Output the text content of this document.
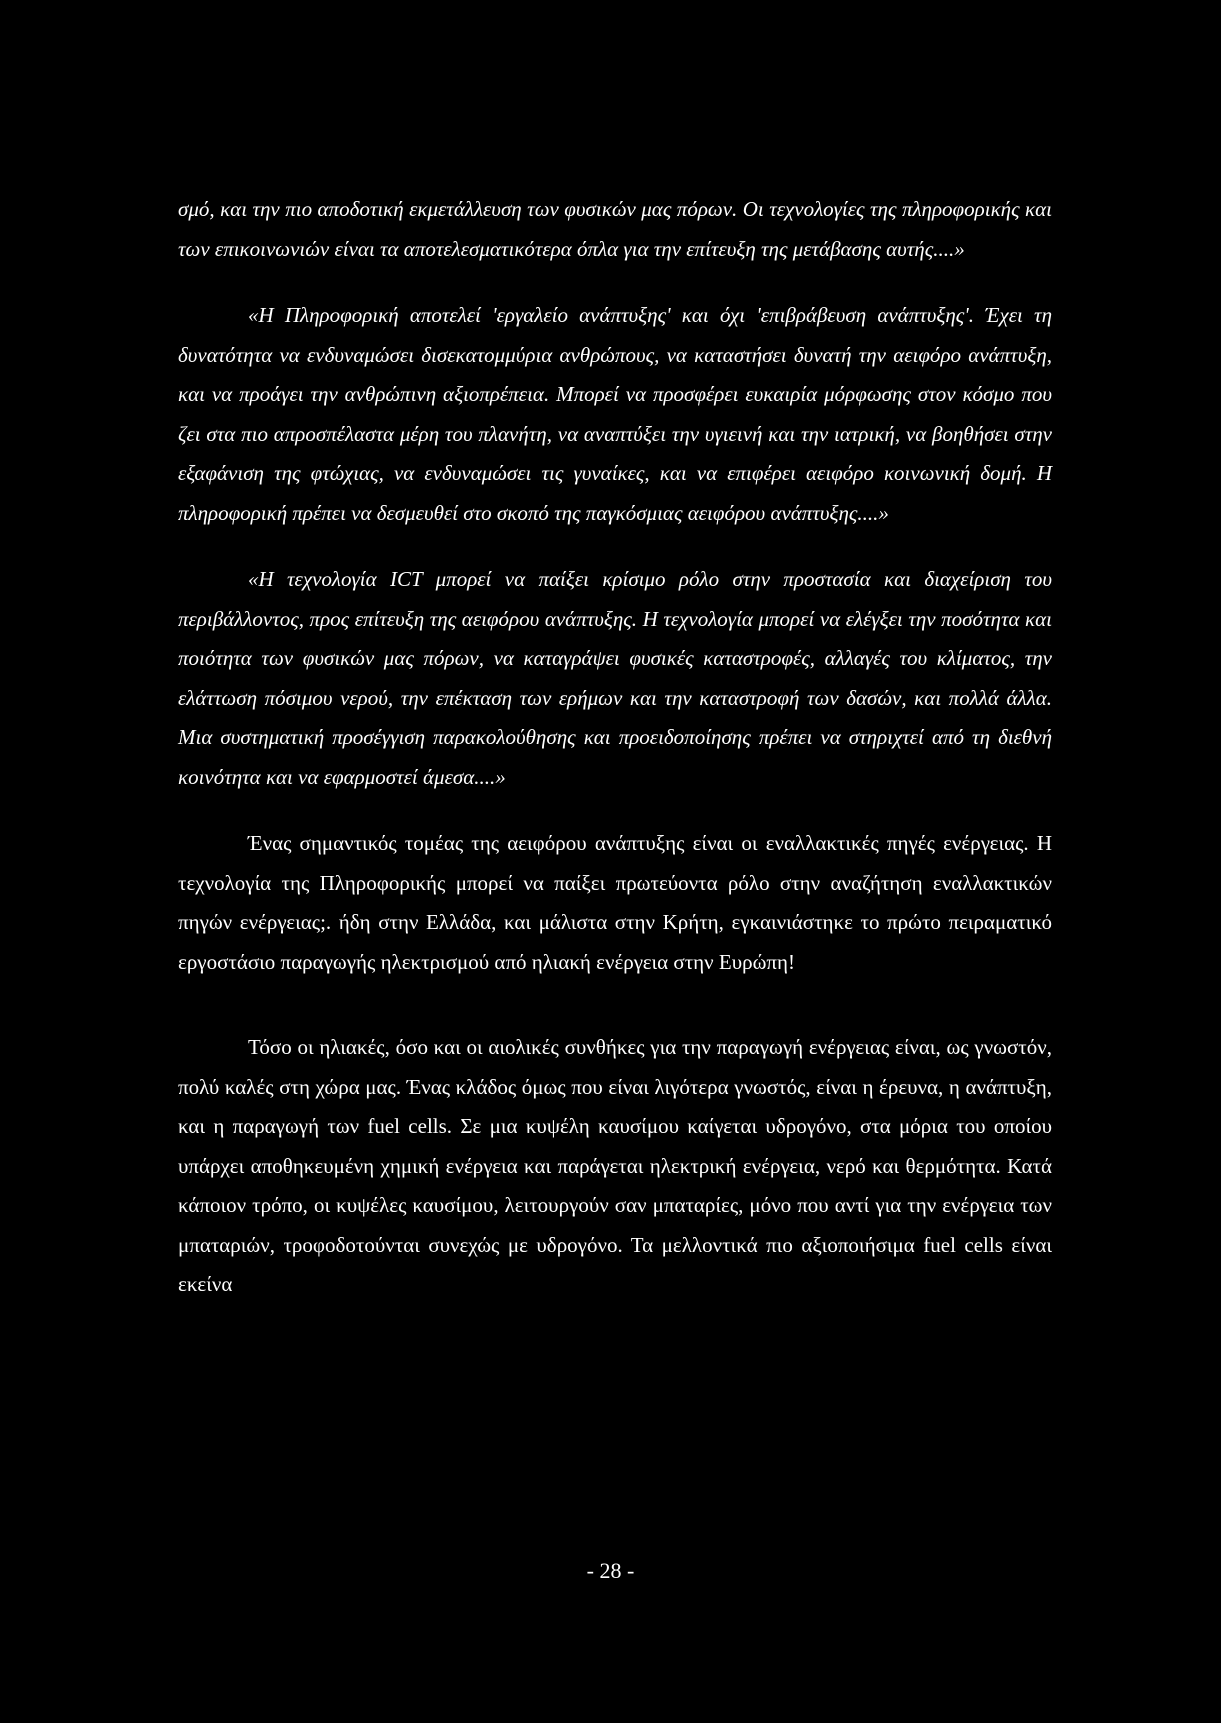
σμό, και την πιο αποδοτική εκμετάλλευση των φυσικών μας πόρων. Οι τεχνολογίες της πληροφορικής και των επικοινωνιών είναι τα αποτελεσματικότερα όπλα για την επίτευξη της μετάβασης αυτής....»

«Η Πληροφορική αποτελεί 'εργαλείο ανάπτυξης' και όχι 'επιβράβευση ανάπτυξης'. Έχει τη δυνατότητα να ενδυναμώσει δισεκατομμύρια ανθρώπους, να καταστήσει δυνατή την αειφόρο ανάπτυξη, και να προάγει την ανθρώπινη αξιοπρέπεια. Μπορεί να προσφέρει ευκαιρία μόρφωσης στον κόσμο που ζει στα πιο απροσπέλαστα μέρη του πλανήτη, να αναπτύξει την υγιεινή και την ιατρική, να βοηθήσει στην εξαφάνιση της φτώχιας, να ενδυναμώσει τις γυναίκες, και να επιφέρει αειφόρο κοινωνική δομή. Η πληροφορική πρέπει να δεσμευθεί στο σκοπό της παγκόσμιας αειφόρου ανάπτυξης....»

«Η τεχνολογία ICT μπορεί να παίξει κρίσιμο ρόλο στην προστασία και διαχείριση του περιβάλλοντος, προς επίτευξη της αειφόρου ανάπτυξης. Η τεχνολογία μπορεί να ελέγξει την ποσότητα και ποιότητα των φυσικών μας πόρων, να καταγράψει φυσικές καταστροφές, αλλαγές του κλίματος, την ελάττωση πόσιμου νερού, την επέκταση των ερήμων και την καταστροφή των δασών, και πολλά άλλα. Μια συστηματική προσέγγιση παρακολούθησης και προειδοποίησης πρέπει να στηριχτεί από τη διεθνή κοινότητα και να εφαρμοστεί άμεσα....»

Ένας σημαντικός τομέας της αειφόρου ανάπτυξης είναι οι εναλλακτικές πηγές ενέργειας. Η τεχνολογία της Πληροφορικής μπορεί να παίξει πρωτεύοντα ρόλο στην αναζήτηση εναλλακτικών πηγών ενέργειας;. ήδη στην Ελλάδα, και μάλιστα στην Κρήτη, εγκαινιάστηκε το πρώτο πειραματικό εργοστάσιο παραγωγής ηλεκτρισμού από ηλιακή ενέργεια στην Ευρώπη!

Τόσο οι ηλιακές, όσο και οι αιολικές συνθήκες για την παραγωγή ενέργειας είναι, ως γνωστόν, πολύ καλές στη χώρα μας. Ένας κλάδος όμως που είναι λιγότερα γνωστός, είναι η έρευνα, η ανάπτυξη, και η παραγωγή των fuel cells. Σε μια κυψέλη καυσίμου καίγεται υδρογόνο, στα μόρια του οποίου υπάρχει αποθηκευμένη χημική ενέργεια και παράγεται ηλεκτρική ενέργεια, νερό και θερμότητα. Κατά κάποιον τρόπο, οι κυψέλες καυσίμου, λειτουργούν σαν μπαταρίες, μόνο που αντί για την ενέργεια των μπαταριών, τροφοδοτούνται συνεχώς με υδρογόνο. Τα μελλοντικά πιο αξιοποιήσιμα fuel cells είναι εκείνα

- 28 -
